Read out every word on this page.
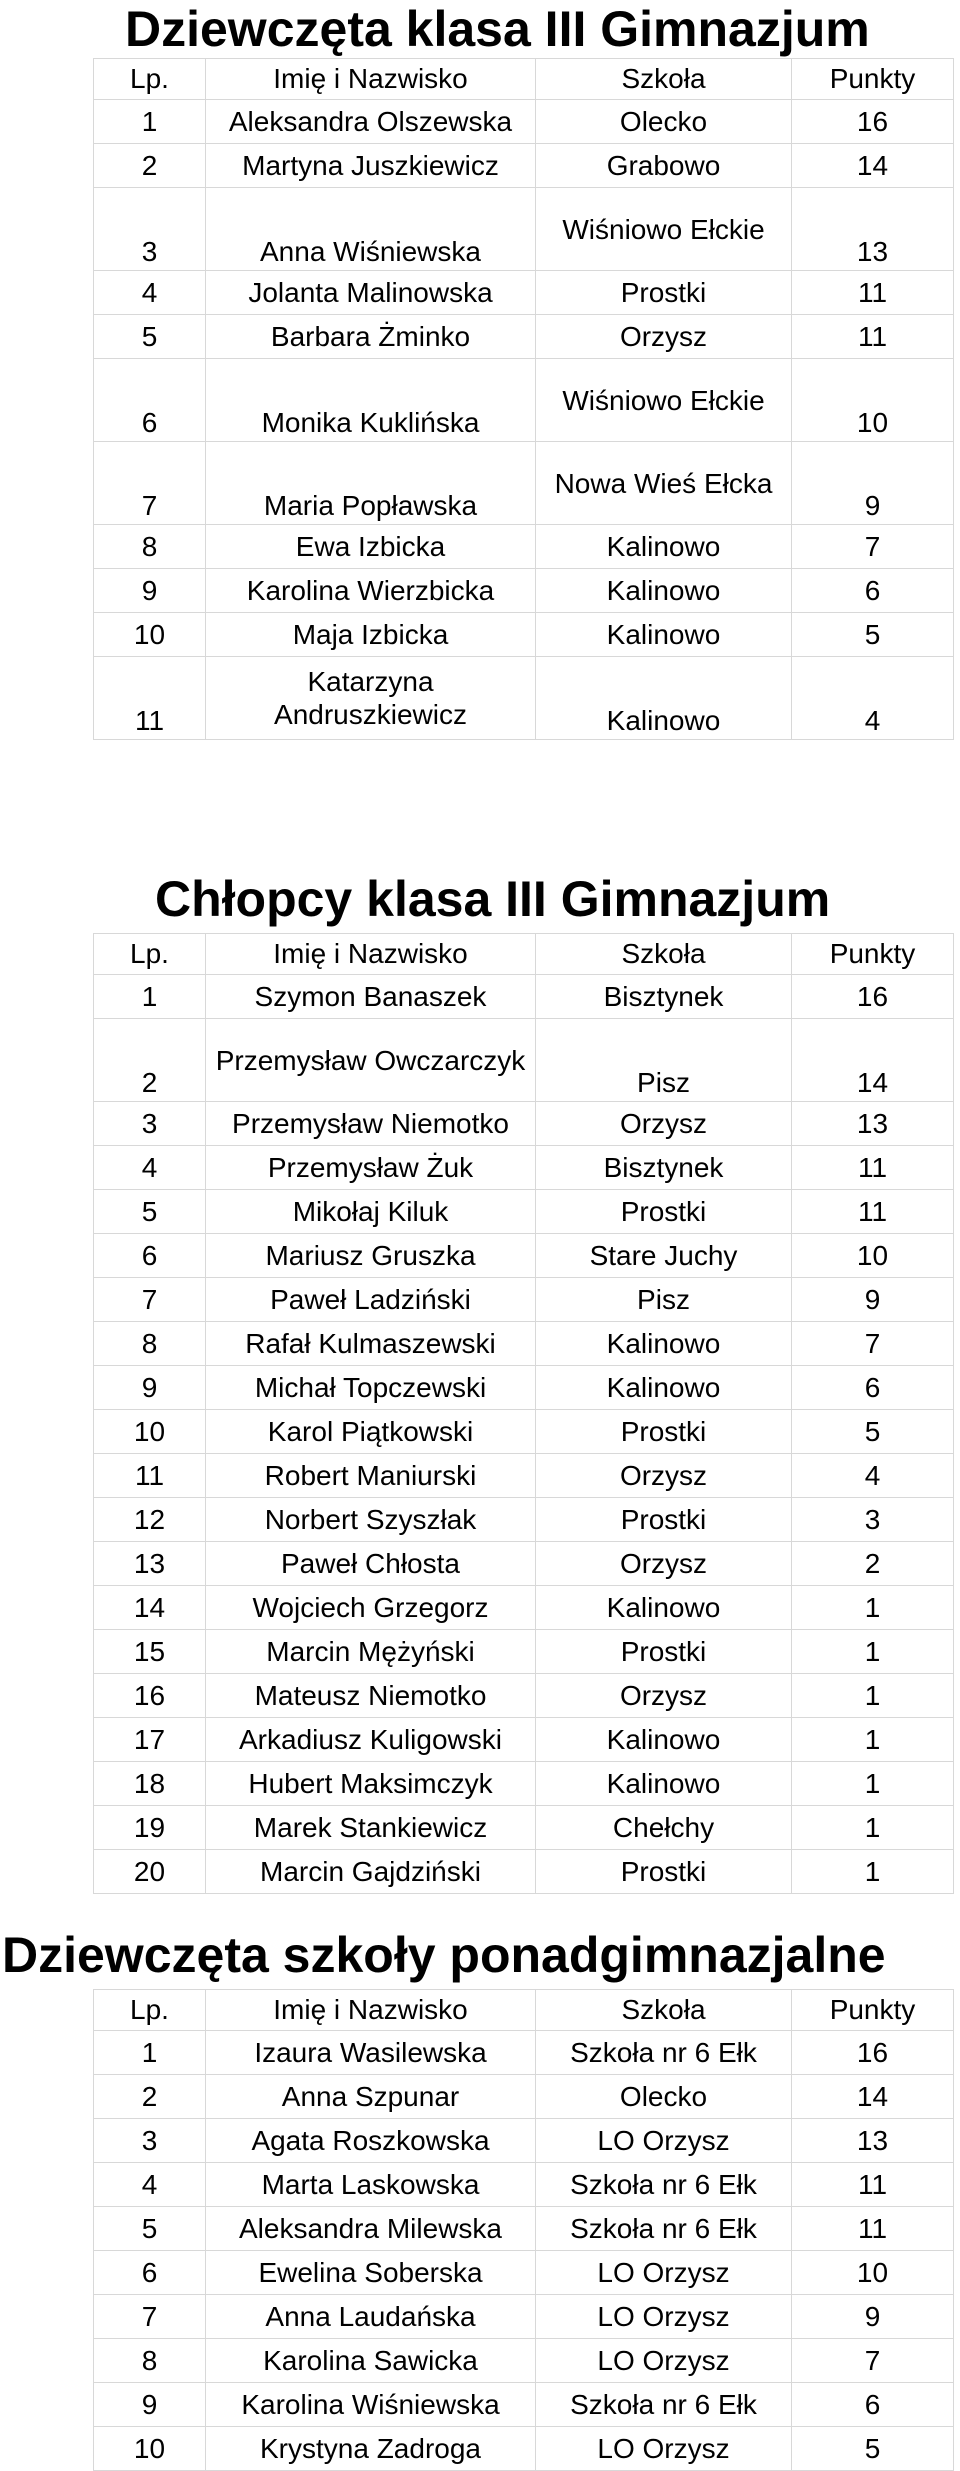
Dziewczęta klasa III Gimnazjum
Lp.	Imię i Nazwisko	Szkoła	Punkty
1	Aleksandra Olszewska	Olecko	16
2	Martyna Juszkiewicz	Grabowo	14
3	Anna Wiśniewska	Wiśniowo Ełckie	13
4	Jolanta Malinowska	Prostki	11
5	Barbara Żminko	Orzysz	11
6	Monika Kuklińska	Wiśniowo Ełckie	10
7	Maria Popławska	Nowa Wieś Ełcka	9
8	Ewa Izbicka	Kalinowo	7
9	Karolina Wierzbicka	Kalinowo	6
10	Maja Izbicka	Kalinowo	5
11	Katarzyna Andruszkiewicz	Kalinowo	4
Chłopcy klasa III Gimnazjum
Lp.	Imię i Nazwisko	Szkoła	Punkty
1	Szymon Banaszek	Bisztynek	16
2	Przemysław Owczarczyk	Pisz	14
3	Przemysław Niemotko	Orzysz	13
4	Przemysław Żuk	Bisztynek	11
5	Mikołaj Kiluk	Prostki	11
6	Mariusz Gruszka	Stare Juchy	10
7	Paweł Ladziński	Pisz	9
8	Rafał Kulmaszewski	Kalinowo	7
9	Michał Topczewski	Kalinowo	6
10	Karol Piątkowski	Prostki	5
11	Robert Maniurski	Orzysz	4
12	Norbert Szyszłak	Prostki	3
13	Paweł Chłosta	Orzysz	2
14	Wojciech Grzegorz	Kalinowo	1
15	Marcin Mężyński	Prostki	1
16	Mateusz Niemotko	Orzysz	1
17	Arkadiusz Kuligowski	Kalinowo	1
18	Hubert Maksimczyk	Kalinowo	1
19	Marek Stankiewicz	Chełchy	1
20	Marcin Gajdziński	Prostki	1
Dziewczęta szkoły ponadgimnazjalne
Lp.	Imię i Nazwisko	Szkoła	Punkty
1	Izaura Wasilewska	Szkoła nr 6 Ełk	16
2	Anna Szpunar	Olecko	14
3	Agata Roszkowska	LO Orzysz	13
4	Marta Laskowska	Szkoła nr 6 Ełk	11
5	Aleksandra Milewska	Szkoła nr 6 Ełk	11
6	Ewelina Soberska	LO Orzysz	10
7	Anna Laudańska	LO Orzysz	9
8	Karolina Sawicka	LO Orzysz	7
9	Karolina Wiśniewska	Szkoła nr 6 Ełk	6
10	Krystyna Zadroga	LO Orzysz	5
